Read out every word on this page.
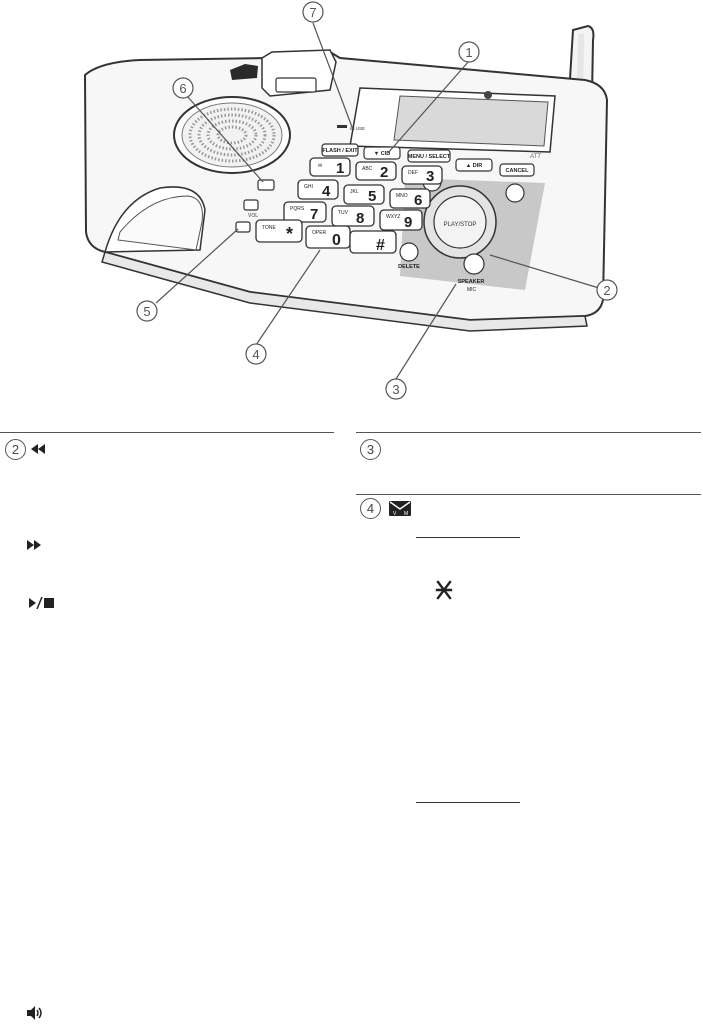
ATT
IN USE
FLASH / EXIT	▼ CID	MENU / SELECT
▲ DIR
CANCEL
PLAY/STOP
DELETE
SPEAKER
MIC
VOL
1
✉	2
ABC	3
DEF
4
GHI
5
JKL	6
MNO
7
PQRS
8
TUV
9
WXYZ
*
TONE
0
OPER
#
7
1
6
2
5
4
3
2	3
4	V M
